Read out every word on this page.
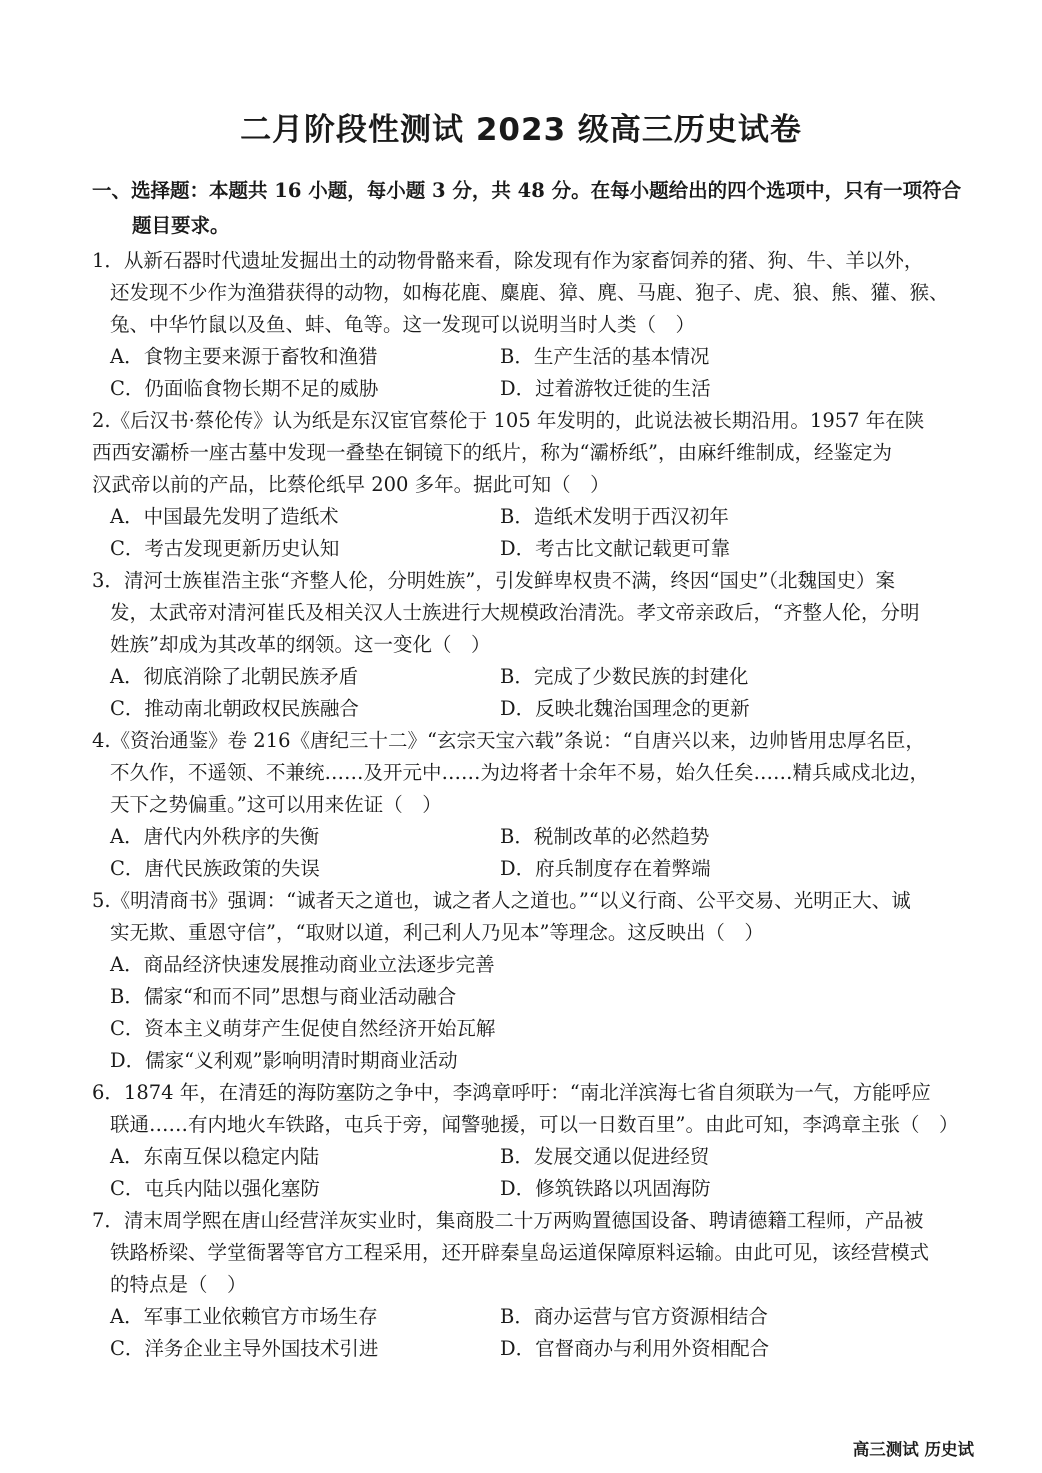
二月阶段性测试 2023 级高三历史试卷
一、选择题：本题共 16 小题，每小题 3 分，共 48 分。在每小题给出的四个选项中，只有一项符合
题目要求。
1．从新石器时代遗址发掘出土的动物骨骼来看，除发现有作为家畜饲养的猪、狗、牛、羊以外，
还发现不少作为渔猎获得的动物，如梅花鹿、麋鹿、獐、麂、马鹿、狍子、虎、狼、熊、獾、猴、
兔、中华竹鼠以及鱼、蚌、龟等。这一发现可以说明当时人类（　）
A．食物主要来源于畜牧和渔猎	B．生产生活的基本情况
C．仍面临食物长期不足的威胁	D．过着游牧迁徙的生活
2.《后汉书·蔡伦传》认为纸是东汉宦官蔡伦于 105 年发明的，此说法被长期沿用。1957 年在陕
西西安灞桥一座古墓中发现一叠垫在铜镜下的纸片，称为“灞桥纸”，由麻纤维制成，经鉴定为
汉武帝以前的产品，比蔡伦纸早 200 多年。据此可知（　）
A．中国最先发明了造纸术	B．造纸术发明于西汉初年
C．考古发现更新历史认知	D．考古比文献记载更可靠
3．清河士族崔浩主张“齐整人伦，分明姓族”，引发鲜卑权贵不满，终因“国史”（北魏国史）案
发，太武帝对清河崔氏及相关汉人士族进行大规模政治清洗。孝文帝亲政后，“齐整人伦，分明
姓族”却成为其改革的纲领。这一变化（　）
A．彻底消除了北朝民族矛盾	B．完成了少数民族的封建化
C．推动南北朝政权民族融合	D．反映北魏治国理念的更新
4.《资治通鉴》卷 216《唐纪三十二》“玄宗天宝六载”条说：“自唐兴以来，边帅皆用忠厚名臣，
不久作，不遥领、不兼统……及开元中……为边将者十余年不易，始久任矣……精兵咸戍北边，
天下之势偏重。”这可以用来佐证（　）
A．唐代内外秩序的失衡	B．税制改革的必然趋势
C．唐代民族政策的失误	D．府兵制度存在着弊端
5.《明清商书》强调：“诚者天之道也，诚之者人之道也。”“以义行商、公平交易、光明正大、诚
实无欺、重恩守信”，“取财以道，利己利人乃见本”等理念。这反映出（　）
A．商品经济快速发展推动商业立法逐步完善
B．儒家“和而不同”思想与商业活动融合
C．资本主义萌芽产生促使自然经济开始瓦解
D．儒家“义利观”影响明清时期商业活动
6．1874 年，在清廷的海防塞防之争中，李鸿章呼吁：“南北洋滨海七省自须联为一气，方能呼应
联通……有内地火车铁路，屯兵于旁，闻警驰援，可以一日数百里”。由此可知，李鸿章主张（　）
A．东南互保以稳定内陆	B．发展交通以促进经贸
C．屯兵内陆以强化塞防	D．修筑铁路以巩固海防
7．清末周学熙在唐山经营洋灰实业时，集商股二十万两购置德国设备、聘请德籍工程师，产品被
铁路桥梁、学堂衙署等官方工程采用，还开辟秦皇岛运道保障原料运输。由此可见，该经营模式
的特点是（　）
A．军事工业依赖官方市场生存	B．商办运营与官方资源相结合
C．洋务企业主导外国技术引进	D．官督商办与利用外资相配合
高三测试 历史试
